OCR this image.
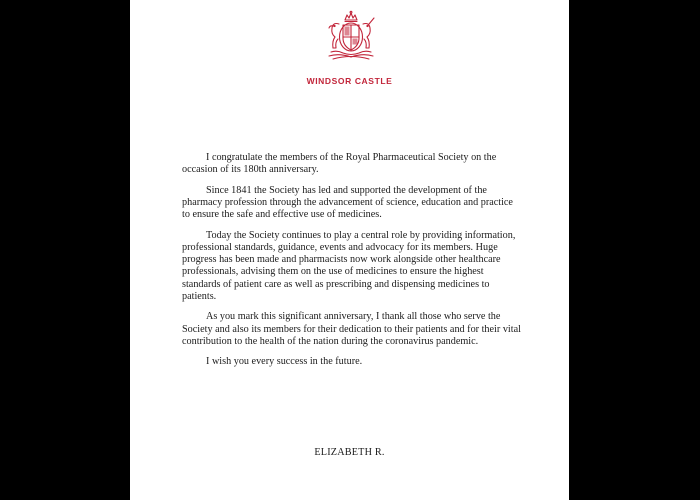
WINDSOR CASTLE

I congratulate the members of the Royal Pharmaceutical Society on the occasion of its 180th anniversary.

Since 1841 the Society has led and supported the development of the pharmacy profession through the advancement of science, education and practice to ensure the safe and effective use of medicines.

Today the Society continues to play a central role by providing information, professional standards, guidance, events and advocacy for its members. Huge progress has been made and pharmacists now work alongside other healthcare professionals, advising them on the use of medicines to ensure the highest standards of patient care as well as prescribing and dispensing medicines to patients.

As you mark this significant anniversary, I thank all those who serve the Society and also its members for their dedication to their patients and for their vital contribution to the health of the nation during the coronavirus pandemic.

I wish you every success in the future.

ELIZABETH R.
